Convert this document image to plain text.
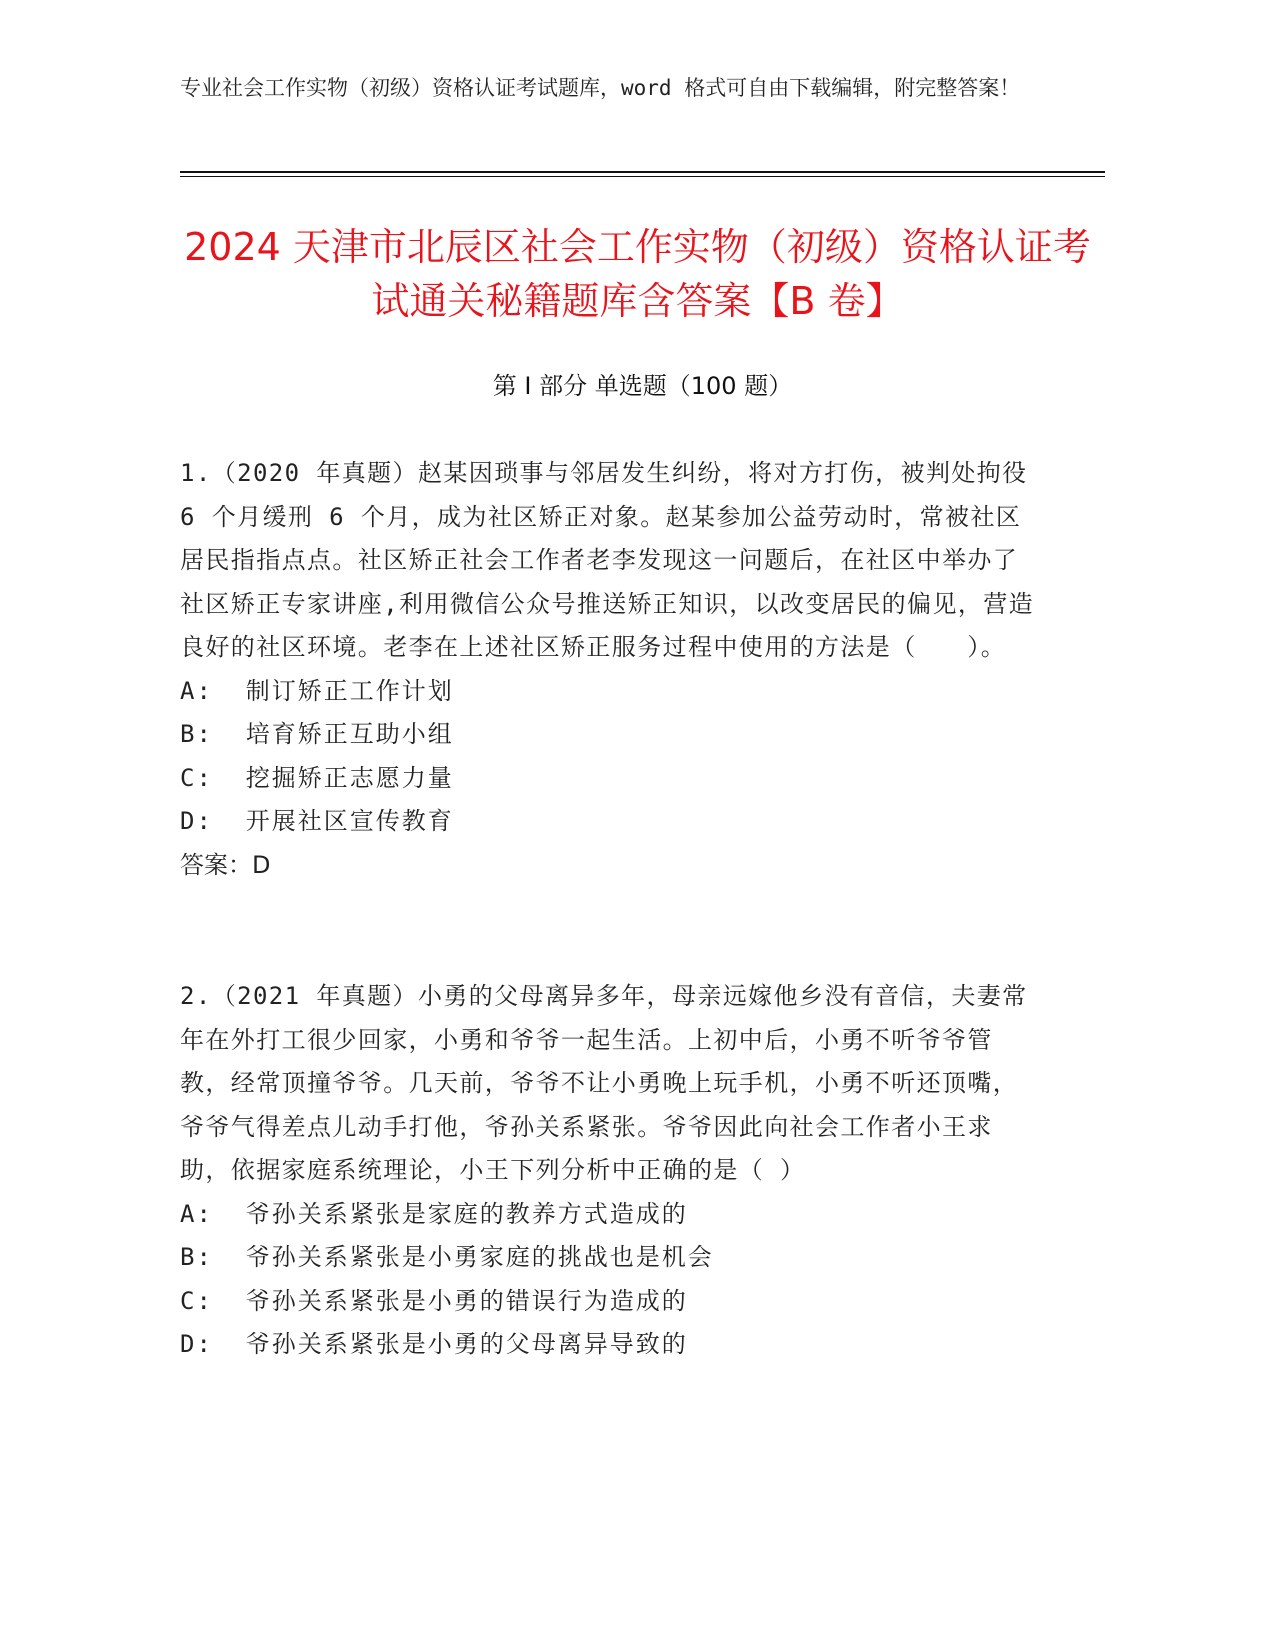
专业社会工作实物（初级）资格认证考试题库，word 格式可自由下载编辑，附完整答案！
2024 天津市北辰区社会工作实物（初级）资格认证考试通关秘籍题库含答案【B 卷】
第 I 部分 单选题（100 题）
1.（2020 年真题）赵某因琐事与邻居发生纠纷，将对方打伤，被判处拘役 6 个月缓刑 6 个月，成为社区矫正对象。赵某参加公益劳动时，常被社区居民指指点点。社区矫正社会工作者老李发现这一问题后，在社区中举办了社区矫正专家讲座,利用微信公众号推送矫正知识，以改变居民的偏见，营造良好的社区环境。老李在上述社区矫正服务过程中使用的方法是（　　）。
A:  制订矫正工作计划
B:  培育矫正互助小组
C:  挖掘矫正志愿力量
D:  开展社区宣传教育
答案：D
2.（2021 年真题）小勇的父母离异多年，母亲远嫁他乡没有音信，夫妻常年在外打工很少回家，小勇和爷爷一起生活。上初中后，小勇不听爷爷管教，经常顶撞爷爷。几天前，爷爷不让小勇晚上玩手机，小勇不听还顶嘴，爷爷气得差点儿动手打他，爷孙关系紧张。爷爷因此向社会工作者小王求助，依据家庭系统理论，小王下列分析中正确的是（ ）
A:  爷孙关系紧张是家庭的教养方式造成的
B:  爷孙关系紧张是小勇家庭的挑战也是机会
C:  爷孙关系紧张是小勇的错误行为造成的
D:  爷孙关系紧张是小勇的父母离异导致的
